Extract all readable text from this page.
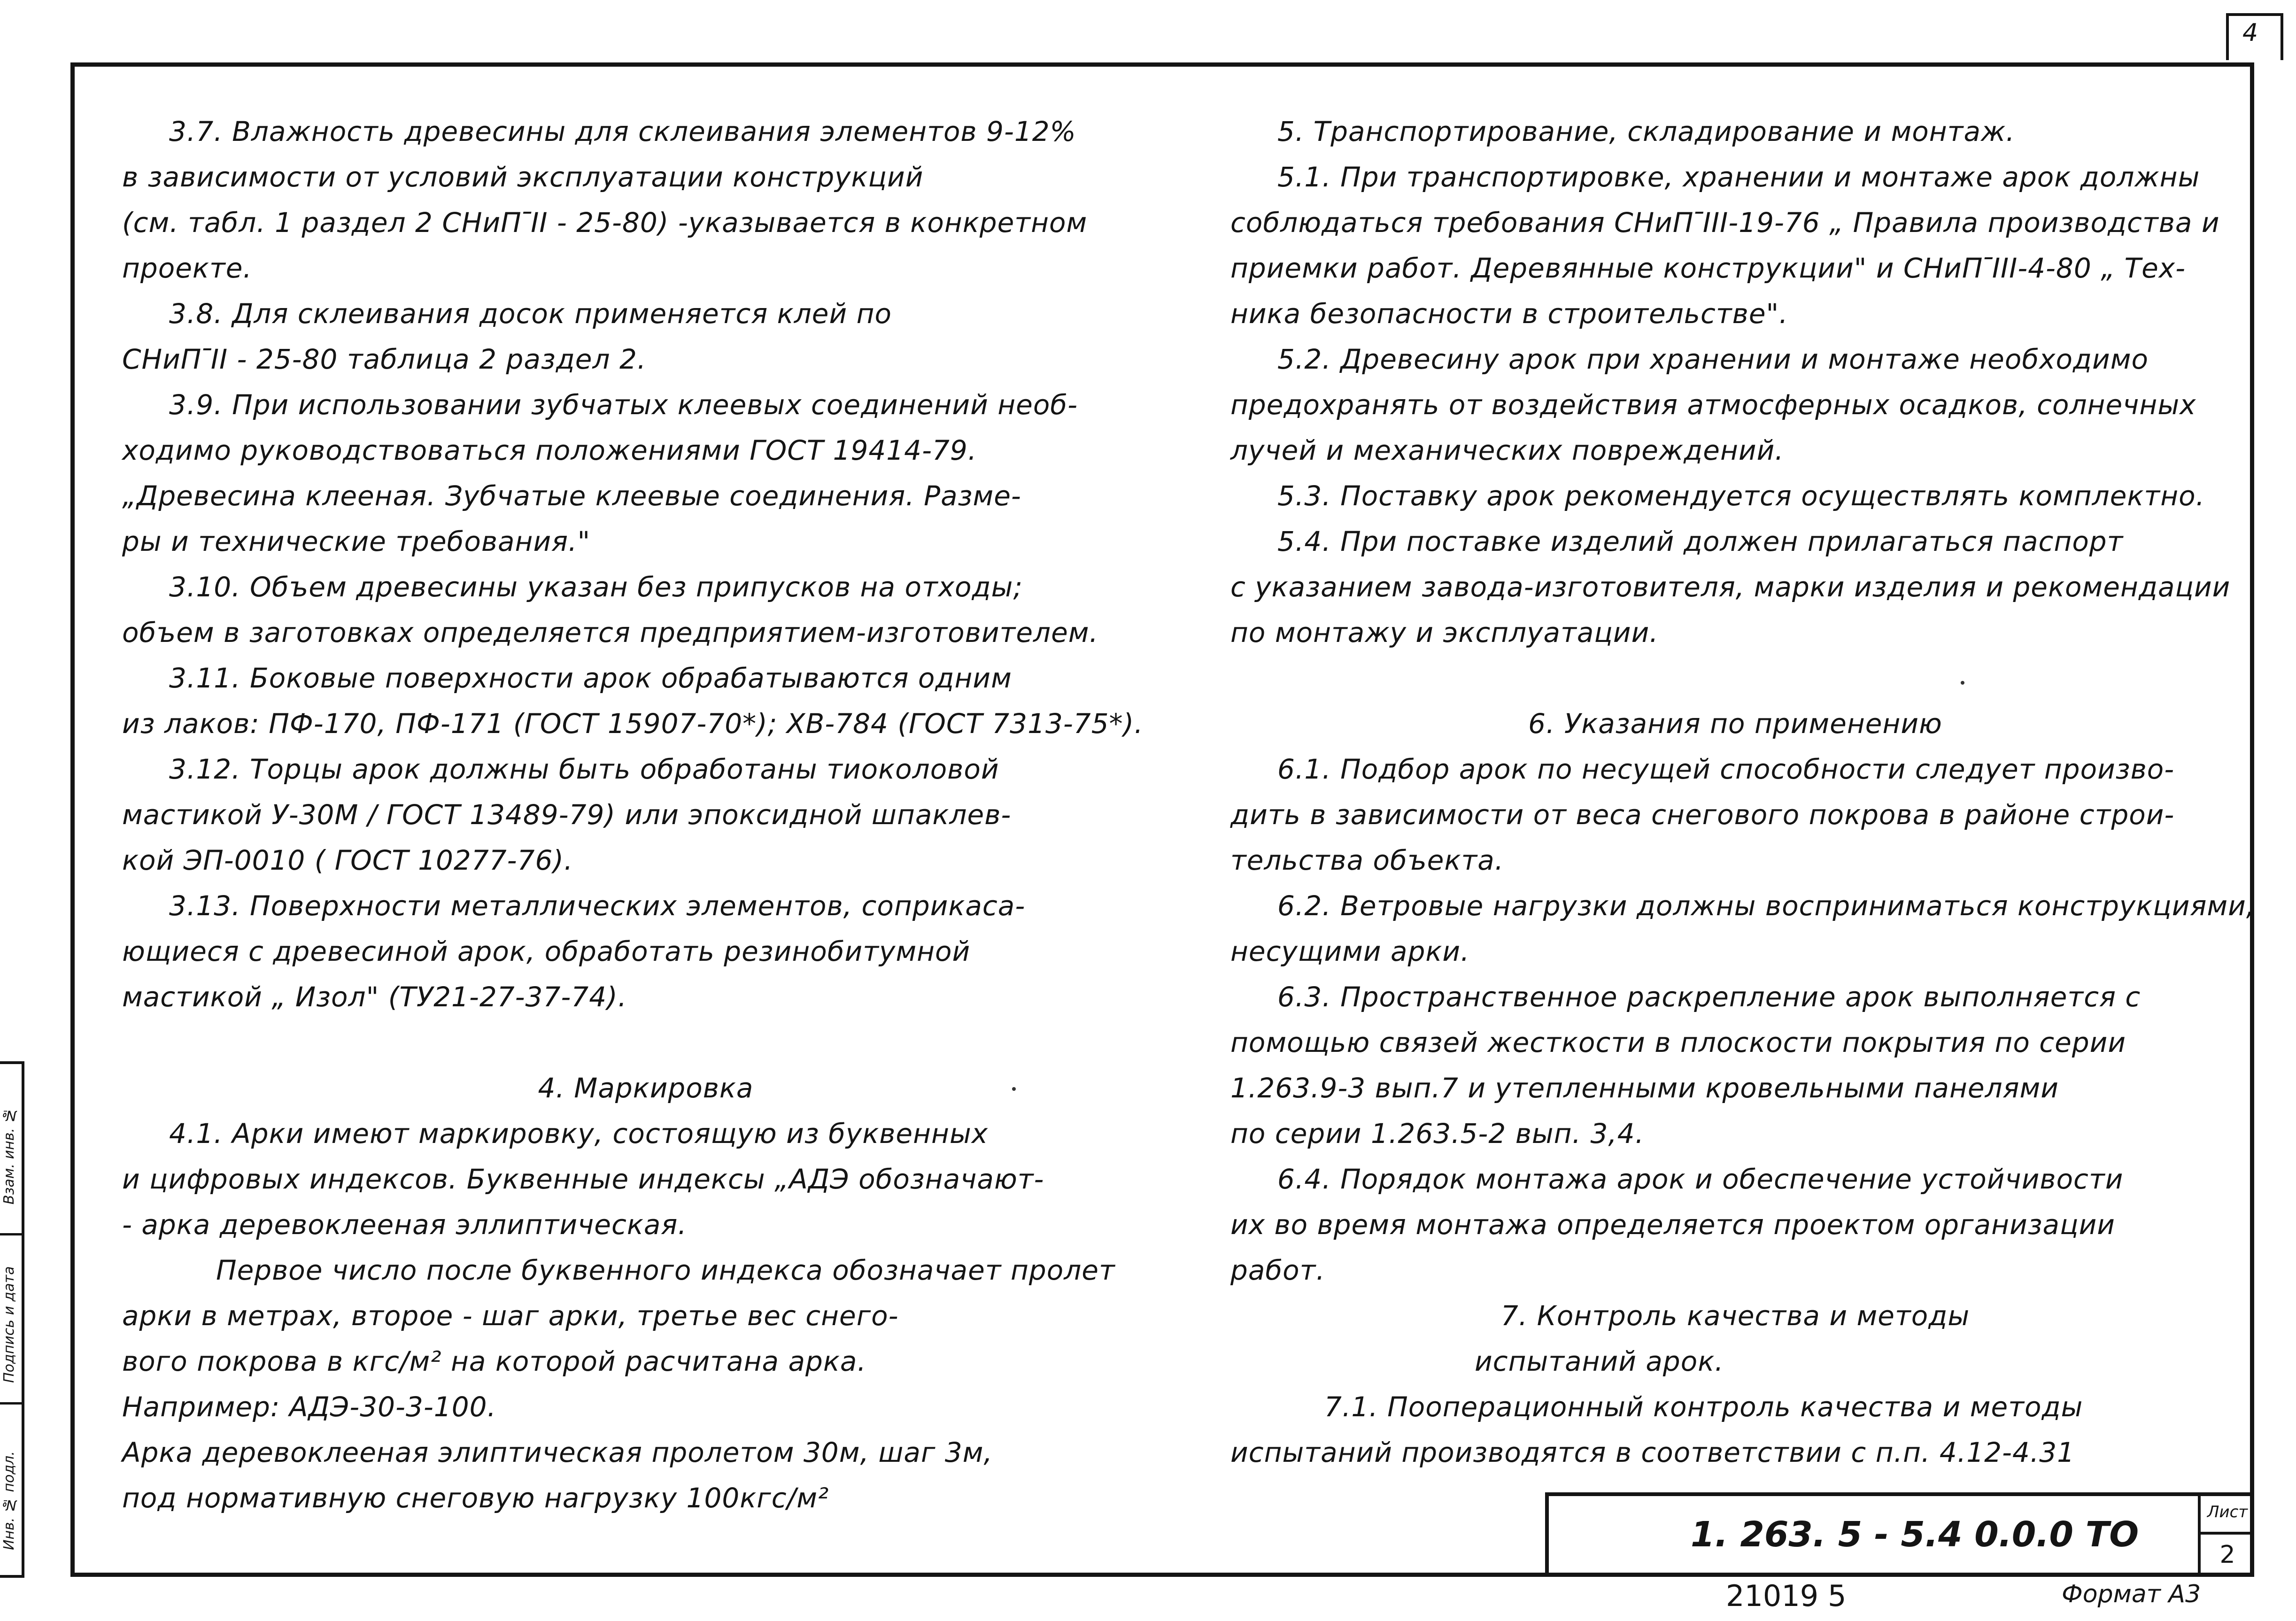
4
3.7. Влажность древесины для склеивания элементов 9-12%
в зависимости от условий эксплуатации конструкций
(см. табл. 1 раздел 2 СНиП ̄II - 25-80) -указывается в конкретном
проекте.
3.8. Для склеивания досок применяется клей по
СНиП ̄II - 25-80 таблица 2 раздел 2.
3.9. При использовании зубчатых клеевых соединений необ-
ходимо руководствоваться положениями ГОСТ 19414-79.
„Древесина клееная. Зубчатые клеевые соединения. Разме-
ры и технические требования."
3.10. Объем древесины указан без припусков на отходы;
объем в заготовках определяется предприятием-изготовителем.
3.11. Боковые поверхности арок обрабатываются одним
из лаков: ПФ-170, ПФ-171 (ГОСТ 15907-70*); ХВ-784 (ГОСТ 7313-75*).
3.12. Торцы арок должны быть обработаны тиоколовой
мастикой У-30М / ГОСТ 13489-79) или эпоксидной шпаклев-
кой ЭП-0010 ( ГОСТ 10277-76).
3.13. Поверхности металлических элементов, соприкаса-
ющиеся с древесиной арок, обработать резинобитумной
мастикой „ Изол" (ТУ21-27-37-74).
4. Маркировка
4.1. Арки имеют маркировку, состоящую из буквенных
и цифровых индексов. Буквенные индексы „АДЭ обозначают-
- арка деревоклееная эллиптическая.
Первое число после буквенного индекса обозначает пролет
арки в метрах, второе - шаг арки, третье вес снего-
вого покрова в кгс/м² на которой расчитана арка.
Например: АДЭ-30-3-100.
Арка деревоклееная элиптическая пролетом 30м, шаг 3м,
под нормативную снеговую нагрузку 100кгс/м²
5. Транспортирование, складирование и монтаж.
5.1. При транспортировке, хранении и монтаже арок должны
соблюдаться требования СНиП ̄III-19-76 „ Правила производства и
приемки работ. Деревянные конструкции" и СНиП ̄III-4-80 „ Тех-
ника безопасности в строительстве".
5.2. Древесину арок при хранении и монтаже необходимо
предохранять от воздействия атмосферных осадков, солнечных
лучей и механических повреждений.
5.3. Поставку арок рекомендуется осуществлять комплектно.
5.4. При поставке изделий должен прилагаться паспорт
с указанием завода-изготовителя, марки изделия и рекомендации
по монтажу и эксплуатации.
6. Указания по применению
6.1. Подбор арок по несущей способности следует произво-
дить в зависимости от веса снегового покрова в районе строи-
тельства объекта.
6.2. Ветровые нагрузки должны восприниматься конструкциями,
несущими арки.
6.3. Пространственное раскрепление арок выполняется с
помощью связей жесткости в плоскости покрытия по серии
1.263.9-3 вып.7 и утепленными кровельными панелями
по серии 1.263.5-2 вып. 3,4.
6.4. Порядок монтажа арок и обеспечение устойчивости
их во время монтажа определяется проектом организации
работ.
7. Контроль качества и методы
испытаний арок.
7.1. Пооперационный контроль качества и методы
испытаний производятся в соответствии с п.п. 4.12-4.31
Инв. № подл.
Подпись и дата
Взам. инв. №
1. 263. 5 - 5.4 0.0.0 ТО
Лист
2
21019 5	Формат А3
